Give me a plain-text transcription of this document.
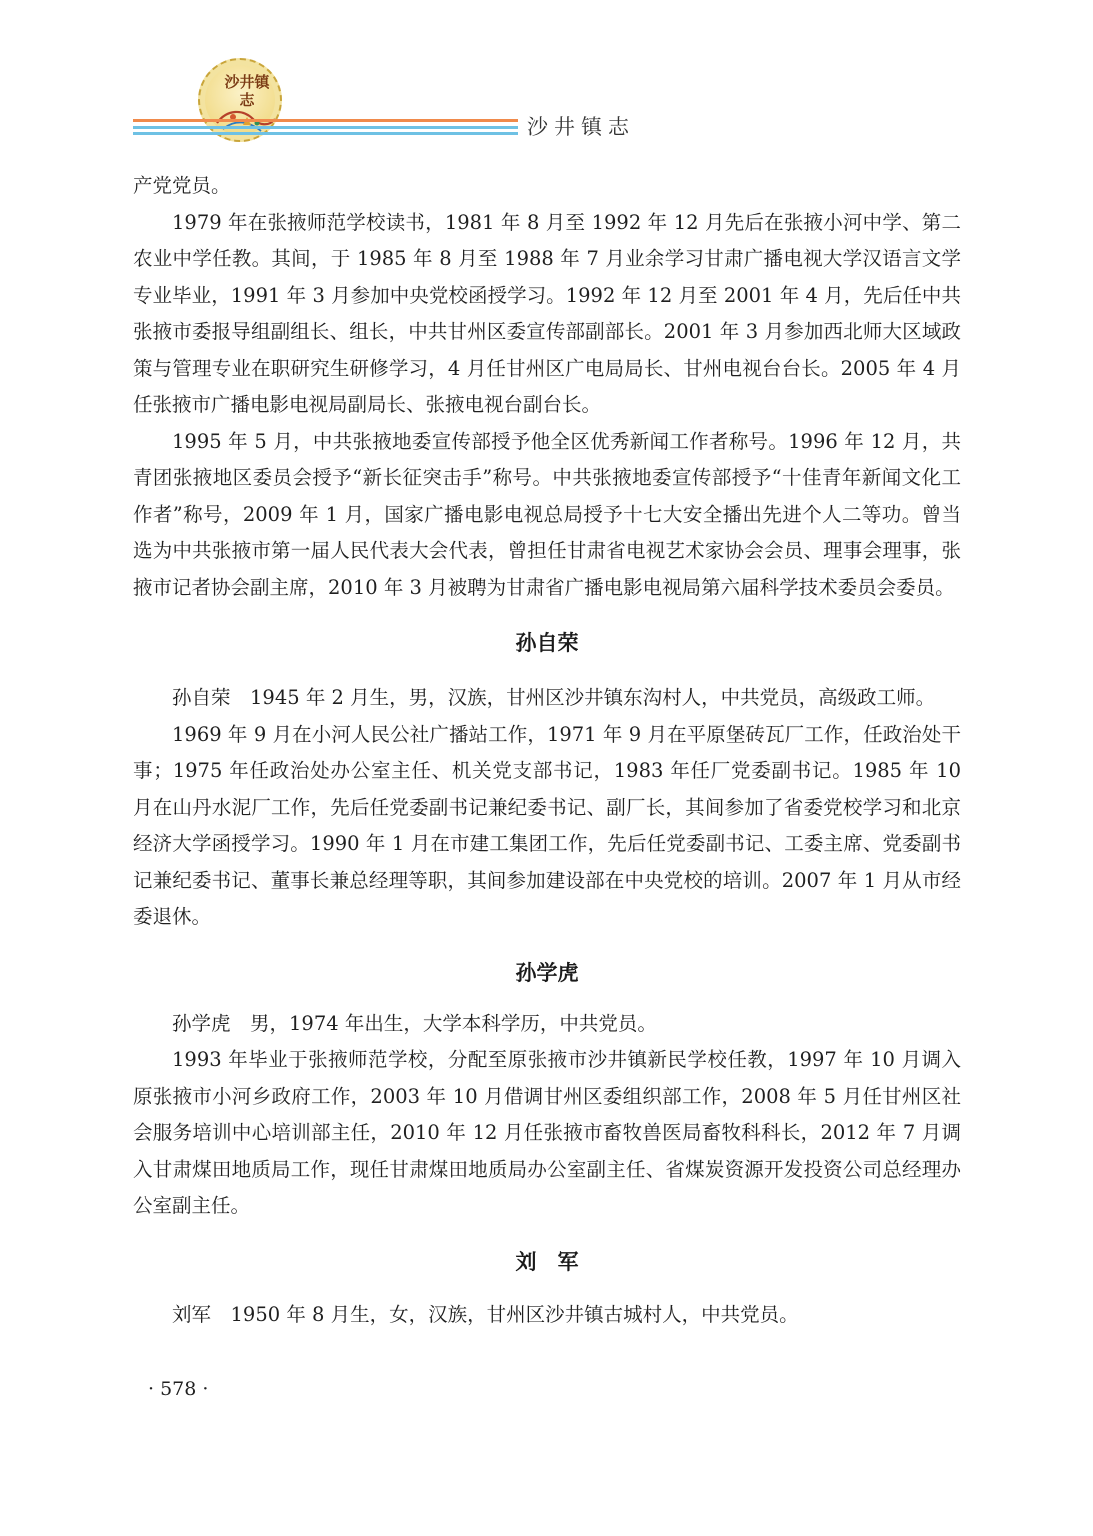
沙井镇志
沙井镇志

产党党员。

1979 年在张掖师范学校读书，1981 年 8 月至 1992 年 12 月先后在张掖小河中学、第二农业中学任教。其间，于 1985 年 8 月至 1988 年 7 月业余学习甘肃广播电视大学汉语言文学专业毕业，1991 年 3 月参加中央党校函授学习。1992 年 12 月至 2001 年 4 月，先后任中共张掖市委报导组副组长、组长，中共甘州区委宣传部副部长。2001 年 3 月参加西北师大区域政策与管理专业在职研究生研修学习，4 月任甘州区广电局局长、甘州电视台台长。2005 年 4 月任张掖市广播电影电视局副局长、张掖电视台副台长。

1995 年 5 月，中共张掖地委宣传部授予他全区优秀新闻工作者称号。1996 年 12 月，共青团张掖地区委员会授予“新长征突击手”称号。中共张掖地委宣传部授予“十佳青年新闻文化工作者”称号，2009 年 1 月，国家广播电影电视总局授予十七大安全播出先进个人二等功。曾当选为中共张掖市第一届人民代表大会代表，曾担任甘肃省电视艺术家协会会员、理事会理事，张掖市记者协会副主席，2010 年 3 月被聘为甘肃省广播电影电视局第六届科学技术委员会委员。

孙自荣

孙自荣　1945 年 2 月生，男，汉族，甘州区沙井镇东沟村人，中共党员，高级政工师。

1969 年 9 月在小河人民公社广播站工作，1971 年 9 月在平原堡砖瓦厂工作，任政治处干事；1975 年任政治处办公室主任、机关党支部书记，1983 年任厂党委副书记。1985 年 10 月在山丹水泥厂工作，先后任党委副书记兼纪委书记、副厂长，其间参加了省委党校学习和北京经济大学函授学习。1990 年 1 月在市建工集团工作，先后任党委副书记、工委主席、党委副书记兼纪委书记、董事长兼总经理等职，其间参加建设部在中央党校的培训。2007 年 1 月从市经委退休。

孙学虎

孙学虎　男，1974 年出生，大学本科学历，中共党员。

1993 年毕业于张掖师范学校，分配至原张掖市沙井镇新民学校任教，1997 年 10 月调入原张掖市小河乡政府工作，2003 年 10 月借调甘州区委组织部工作，2008 年 5 月任甘州区社会服务培训中心培训部主任，2010 年 12 月任张掖市畜牧兽医局畜牧科科长，2012 年 7 月调入甘肃煤田地质局工作，现任甘肃煤田地质局办公室副主任、省煤炭资源开发投资公司总经理办公室副主任。

刘　军

刘军　1950 年 8 月生，女，汉族，甘州区沙井镇古城村人，中共党员。

· 578 ·
